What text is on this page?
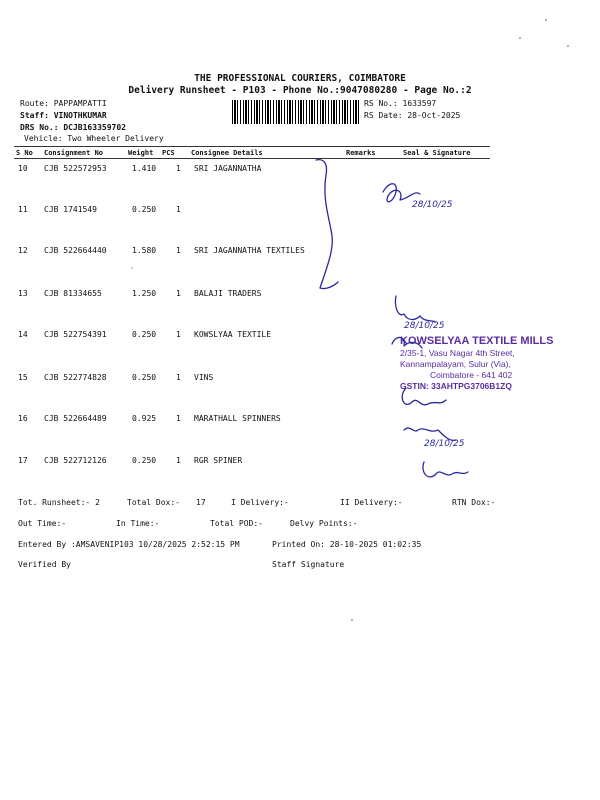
THE PROFESSIONAL COURIERS, COIMBATORE
Delivery Runsheet - P103 - Phone No.:9047080280 - Page No.:2
Route: PAPPAMPATTI
Staff: VINOTHKUMAR
DRS No.: DCJB163359702
Vehicle: Two Wheeler Delivery
RS No.: 1633597
RS Date: 28-Oct-2025
S No Consignment No	Weight PCS Consignee Details	Remarks	Seal & Signature
10 CJB 522572953	1.410 1 SRI JAGANNATHA
11 CJB 1741549	0.250 1
12 CJB 522664440	1.580 1 SRI JAGANNATHA TEXTILES
13 CJB 81334655	1.250 1 BALAJI TRADERS
14 CJB 522754391	0.250 1 KOWSLYAA TEXTILE
15 CJB 522774828	0.250 1 VINS
16 CJB 522664489	0.925 1 MARATHALL SPINNERS
17 CJB 522712126	0.250 1 RGR SPINER
KOWSELYAA TEXTILE MILLS
2/35-1, Vasu Nagar 4th Street,
Kannampalayam, Sulur (Via),
Coimbatore - 641 402
GSTIN: 33AHTPG3706B1ZQ
28/10/25
28/10/25
28/10/25
Tot. Runsheet:- 2	Total Dox:- 17	I Delivery:-	II Delivery:-	RTN Dox:-
Out Time:-	In Time:-	Total POD:-	Delvy Points:-
Entered By :AMSAVENIP103 10/28/2025 2:52:15 PM	Printed On: 28-10-2025 01:02:35
Verified By	Staff Signature
